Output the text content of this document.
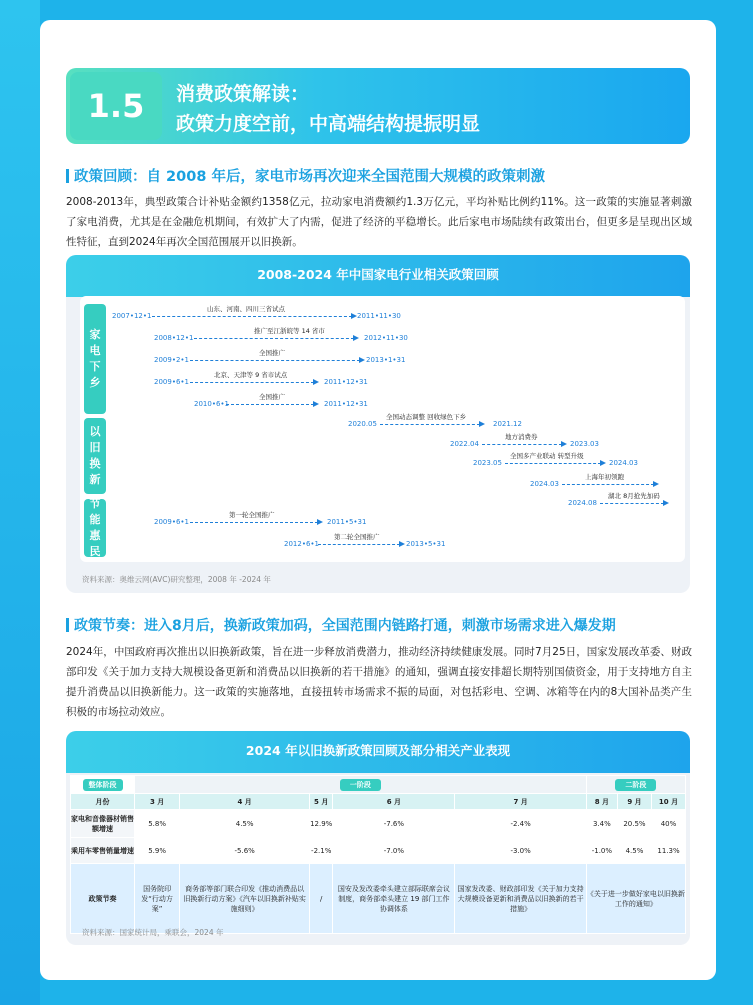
1.5 消费政策解读：
政策力度空前，中高端结构提振明显
政策回顾：自 2008 年后，家电市场再次迎来全国范围大规模的政策刺激
2008-2013年，典型政策合计补贴金额约1358亿元，拉动家电消费额约1.3万亿元，平均补贴比例约11%。这一政策的实施显著刺激了家电消费，尤其是在金融危机期间，有效扩大了内需，促进了经济的平稳增长。此后家电市场陆续有政策出台，但更多是呈现出区域性特征，直到2024年再次全国范围展开以旧换新。
2008-2024 年中国家电行业相关政策回顾
家
电
下
乡
以
旧
换
新
节
能
惠
民
2007•12•1
山东、河南、四川三省试点
2011•11•30
2008•12•1
推广至江浙皖等 14 省市
2012•11•30
2009•2•1
全国推广
2013•1•31
2009•6•1
北京、天津等 9 省市试点
2011•12•31
2010•6•1
全国推广
2011•12•31
2020.05
全国动态调整 回收绿色下乡
2021.12
2022.04
地方消费券
2023.03
2023.05
全国多产业联动 转型升级
2024.03
2024.03
上海年初领跑
2024.08
湖北 8月抢先加码
2009•6•1
第一轮全国推广
2011•5•31
2012•6•1
第二轮全国推广
2013•5•31
资料来源：奥维云网(AVC)研究整理，2008 年 -2024 年
政策节奏：进入8月后，换新政策加码，全国范围内链路打通，刺激市场需求进入爆发期
2024年，中国政府再次推出以旧换新政策，旨在进一步释放消费潜力，推动经济持续健康发展。同时7月25日，国家发展改革委、财政部印发《关于加力支持大规模设备更新和消费品以旧换新的若干措施》的通知，强调直接安排超长期特别国债资金，用于支持地方自主提升消费品以旧换新能力。这一政策的实施落地，直接扭转市场需求不振的局面，对包括彩电、空调、冰箱等在内的8大国补品类产生积极的市场拉动效应。
2024 年以旧换新政策回顾及部分相关产业表现
整体阶段	一阶段					二阶段		
月份	3 月	4 月	5 月	6 月	7 月	8 月	9 月	10 月
家电和音像器材销售额增速	5.8%	4.5%	12.9%	-7.6%	-2.4%	3.4%	20.5%	40%
乘用车零售销量增速	5.9%	-5.6%	-2.1%	-7.0%	-3.0%	-1.0%	4.5%	11.3%
政策节奏	国务院印发“行动方案”	商务部等部门联合印发《推动消费品以旧换新行动方案》《汽车以旧换新补贴实施细则》	/	国安及发改委牵头建立部际联席会议制度，商务部牵头建立 19 部门工作协调体系	国家发改委、财政部印发《关于加力支持大规模设备更新和消费品以旧换新的若干措施》	《关于进一步做好家电以旧换新工作的通知》		
资料来源：国家统计局，乘联会，2024 年
08
